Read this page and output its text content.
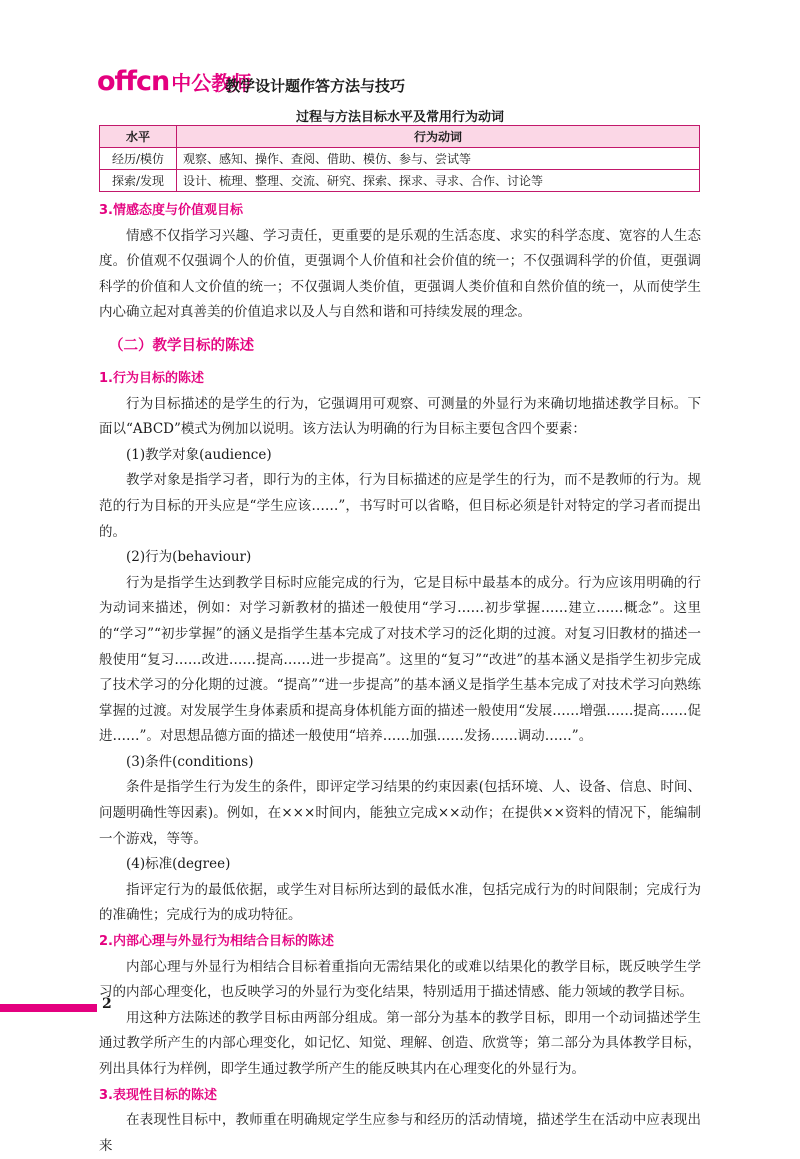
offcn 中公教师
教学设计题作答方法与技巧
过程与方法目标水平及常用行为动词
水平	行为动词
经历/模仿	观察、感知、操作、查阅、借助、模仿、参与、尝试等
探索/发现	设计、梳理、整理、交流、研究、探索、探求、寻求、合作、讨论等
3.情感态度与价值观目标

情感不仅指学习兴趣、学习责任，更重要的是乐观的生活态度、求实的科学态度、宽容的人生态度。价值观不仅强调个人的价值，更强调个人价值和社会价值的统一；不仅强调科学的价值，更强调科学的价值和人文价值的统一；不仅强调人类价值，更强调人类价值和自然价值的统一，从而使学生内心确立起对真善美的价值追求以及人与自然和谐和可持续发展的理念。

（二）教学目标的陈述
1.行为目标的陈述

行为目标描述的是学生的行为，它强调用可观察、可测量的外显行为来确切地描述教学目标。下面以“ABCD”模式为例加以说明。该方法认为明确的行为目标主要包含四个要素：

(1)教学对象(audience)

教学对象是指学习者，即行为的主体，行为目标描述的应是学生的行为，而不是教师的行为。规范的行为目标的开头应是“学生应该……”，书写时可以省略，但目标必须是针对特定的学习者而提出的。

(2)行为(behaviour)

行为是指学生达到教学目标时应能完成的行为，它是目标中最基本的成分。行为应该用明确的行为动词来描述，例如：对学习新教材的描述一般使用“学习……初步掌握……建立……概念”。这里的“学习”“初步掌握”的涵义是指学生基本完成了对技术学习的泛化期的过渡。对复习旧教材的描述一般使用“复习……改进……提高……进一步提高”。这里的“复习”“改进”的基本涵义是指学生初步完成了技术学习的分化期的过渡。“提高”“进一步提高”的基本涵义是指学生基本完成了对技术学习向熟练掌握的过渡。对发展学生身体素质和提高身体机能方面的描述一般使用“发展……增强……提高……促进……”。对思想品德方面的描述一般使用“培养……加强……发扬……调动……”。

(3)条件(conditions)

条件是指学生行为发生的条件，即评定学习结果的约束因素(包括环境、人、设备、信息、时间、问题明确性等因素)。例如，在×××时间内，能独立完成××动作；在提供××资料的情况下，能编制一个游戏，等等。

(4)标准(degree)

指评定行为的最低依据，或学生对目标所达到的最低水准，包括完成行为的时间限制；完成行为的准确性；完成行为的成功特征。

2.内部心理与外显行为相结合目标的陈述

内部心理与外显行为相结合目标着重指向无需结果化的或难以结果化的教学目标，既反映学生学习的内部心理变化，也反映学习的外显行为变化结果，特别适用于描述情感、能力领域的教学目标。

用这种方法陈述的教学目标由两部分组成。第一部分为基本的教学目标，即用一个动词描述学生通过教学所产生的内部心理变化，如记忆、知觉、理解、创造、欣赏等；第二部分为具体教学目标，列出具体行为样例，即学生通过教学所产生的能反映其内在心理变化的外显行为。

3.表现性目标的陈述

在表现性目标中，教师重在明确规定学生应参与和经历的活动情境，描述学生在活动中应表现出来

2
